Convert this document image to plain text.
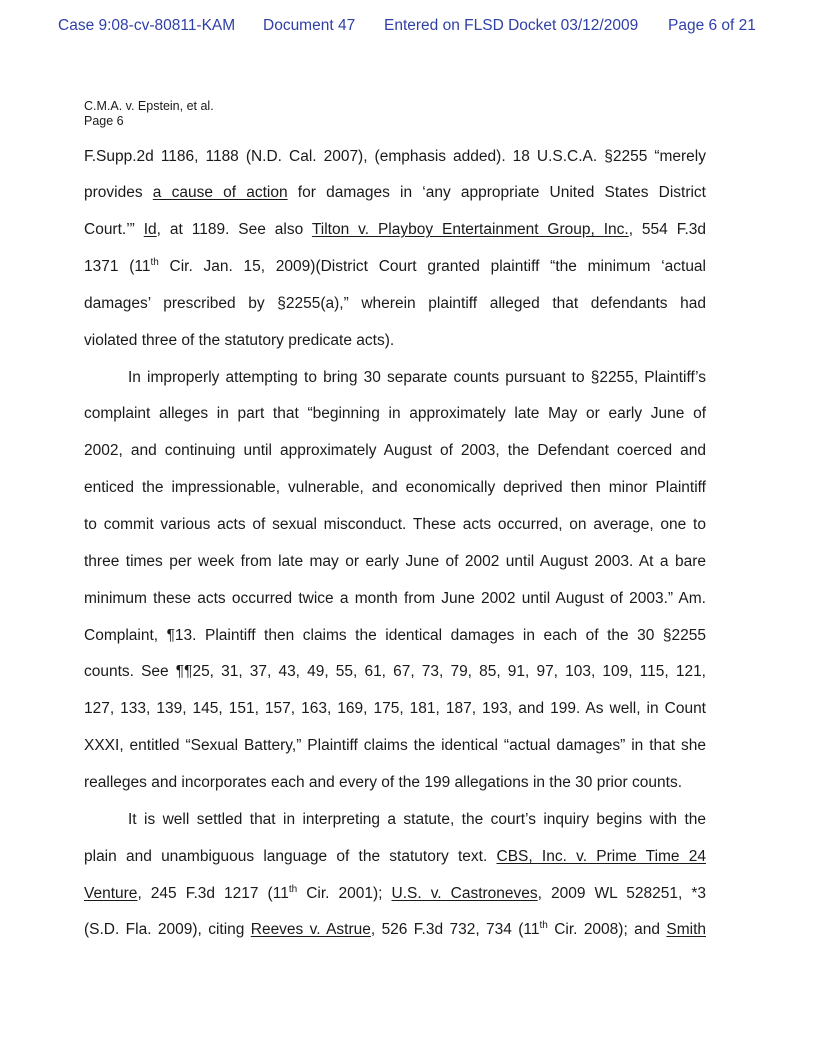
Case 9:08-cv-80811-KAM Document 47 Entered on FLSD Docket 03/12/2009 Page 6 of 21
C.M.A. v. Epstein, et al.
Page 6
F.Supp.2d 1186, 1188 (N.D. Cal. 2007), (emphasis added). 18 U.S.C.A. §2255 “merely
provides a cause of action for damages in ‘any appropriate United States District
Court.’” Id, at 1189. See also Tilton v. Playboy Entertainment Group, Inc., 554 F.3d
1371 (11th Cir. Jan. 15, 2009)(District Court granted plaintiff “the minimum ‘actual
damages’ prescribed by §2255(a),” wherein plaintiff alleged that defendants had
violated three of the statutory predicate acts).
In improperly attempting to bring 30 separate counts pursuant to §2255, Plaintiff’s
complaint alleges in part that “beginning in approximately late May or early June of
2002, and continuing until approximately August of 2003, the Defendant coerced and
enticed the impressionable, vulnerable, and economically deprived then minor Plaintiff
to commit various acts of sexual misconduct. These acts occurred, on average, one to
three times per week from late may or early June of 2002 until August 2003. At a bare
minimum these acts occurred twice a month from June 2002 until August of 2003.” Am.
Complaint, ¶13. Plaintiff then claims the identical damages in each of the 30 §2255
counts. See ¶¶25, 31, 37, 43, 49, 55, 61, 67, 73, 79, 85, 91, 97, 103, 109, 115, 121,
127, 133, 139, 145, 151, 157, 163, 169, 175, 181, 187, 193, and 199. As well, in Count
XXXI, entitled “Sexual Battery,” Plaintiff claims the identical “actual damages” in that she
realleges and incorporates each and every of the 199 allegations in the 30 prior counts.
It is well settled that in interpreting a statute, the court’s inquiry begins with the
plain and unambiguous language of the statutory text. CBS, Inc. v. Prime Time 24
Venture, 245 F.3d 1217 (11th Cir. 2001); U.S. v. Castroneves, 2009 WL 528251, *3
(S.D. Fla. 2009), citing Reeves v. Astrue, 526 F.3d 732, 734 (11th Cir. 2008); and Smith
